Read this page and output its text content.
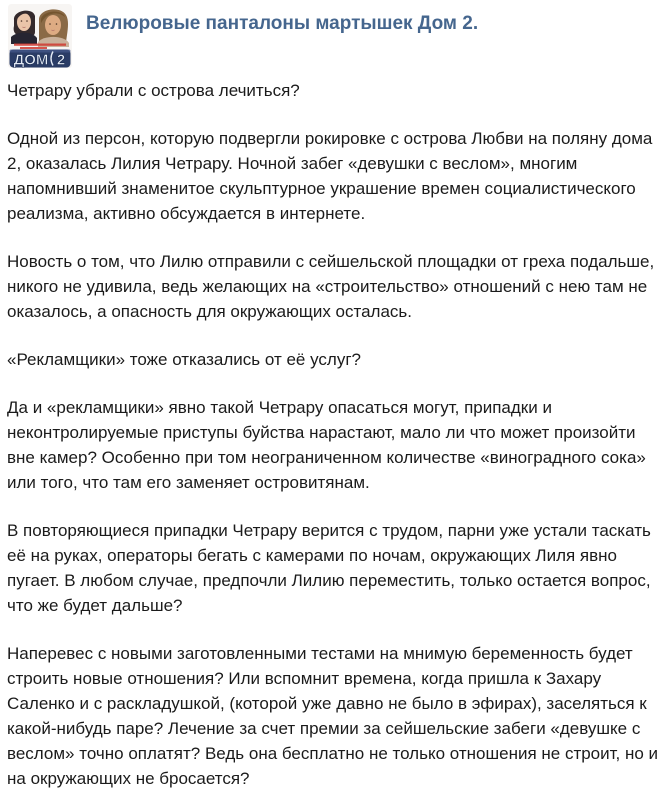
ДОМ 2
Велюровые панталоны мартышек Дом 2.

Четрару убрали с острова лечиться?

Одной из персон, которую подвергли рокировке с острова Любви на поляну дома 2, оказалась Лилия Четрару. Ночной забег «девушки с веслом», многим напомнивший знаменитое скульптурное украшение времен социалистического реализма, активно обсуждается в интернете.

Новость о том, что Лилю отправили с сейшельской площадки от греха подальше, никого не удивила, ведь желающих на «строительство» отношений с нею там не оказалось, а опасность для окружающих осталась.

«Рекламщики» тоже отказались от её услуг?

Да и «рекламщики» явно такой Четрару опасаться могут, припадки и неконтролируемые приступы буйства нарастают, мало ли что может произойти вне камер? Особенно при том неограниченном количестве «виноградного сока» или того, что там его заменяет островитянам.

В повторяющиеся припадки Четрару верится с трудом, парни уже устали таскать её на руках, операторы бегать с камерами по ночам, окружающих Лиля явно пугает. В любом случае, предпочли Лилию переместить, только остается вопрос, что же будет дальше?

Наперевес с новыми заготовленными тестами на мнимую беременность будет строить новые отношения? Или вспомнит времена, когда пришла к Захару Саленко и с раскладушкой, (которой уже давно не было в эфирах), заселяться к какой-нибудь паре? Лечение за счет премии за сейшельские забеги «девушке с веслом» точно оплатят? Ведь она бесплатно не только отношения не строит, но и на окружающих не бросается?
